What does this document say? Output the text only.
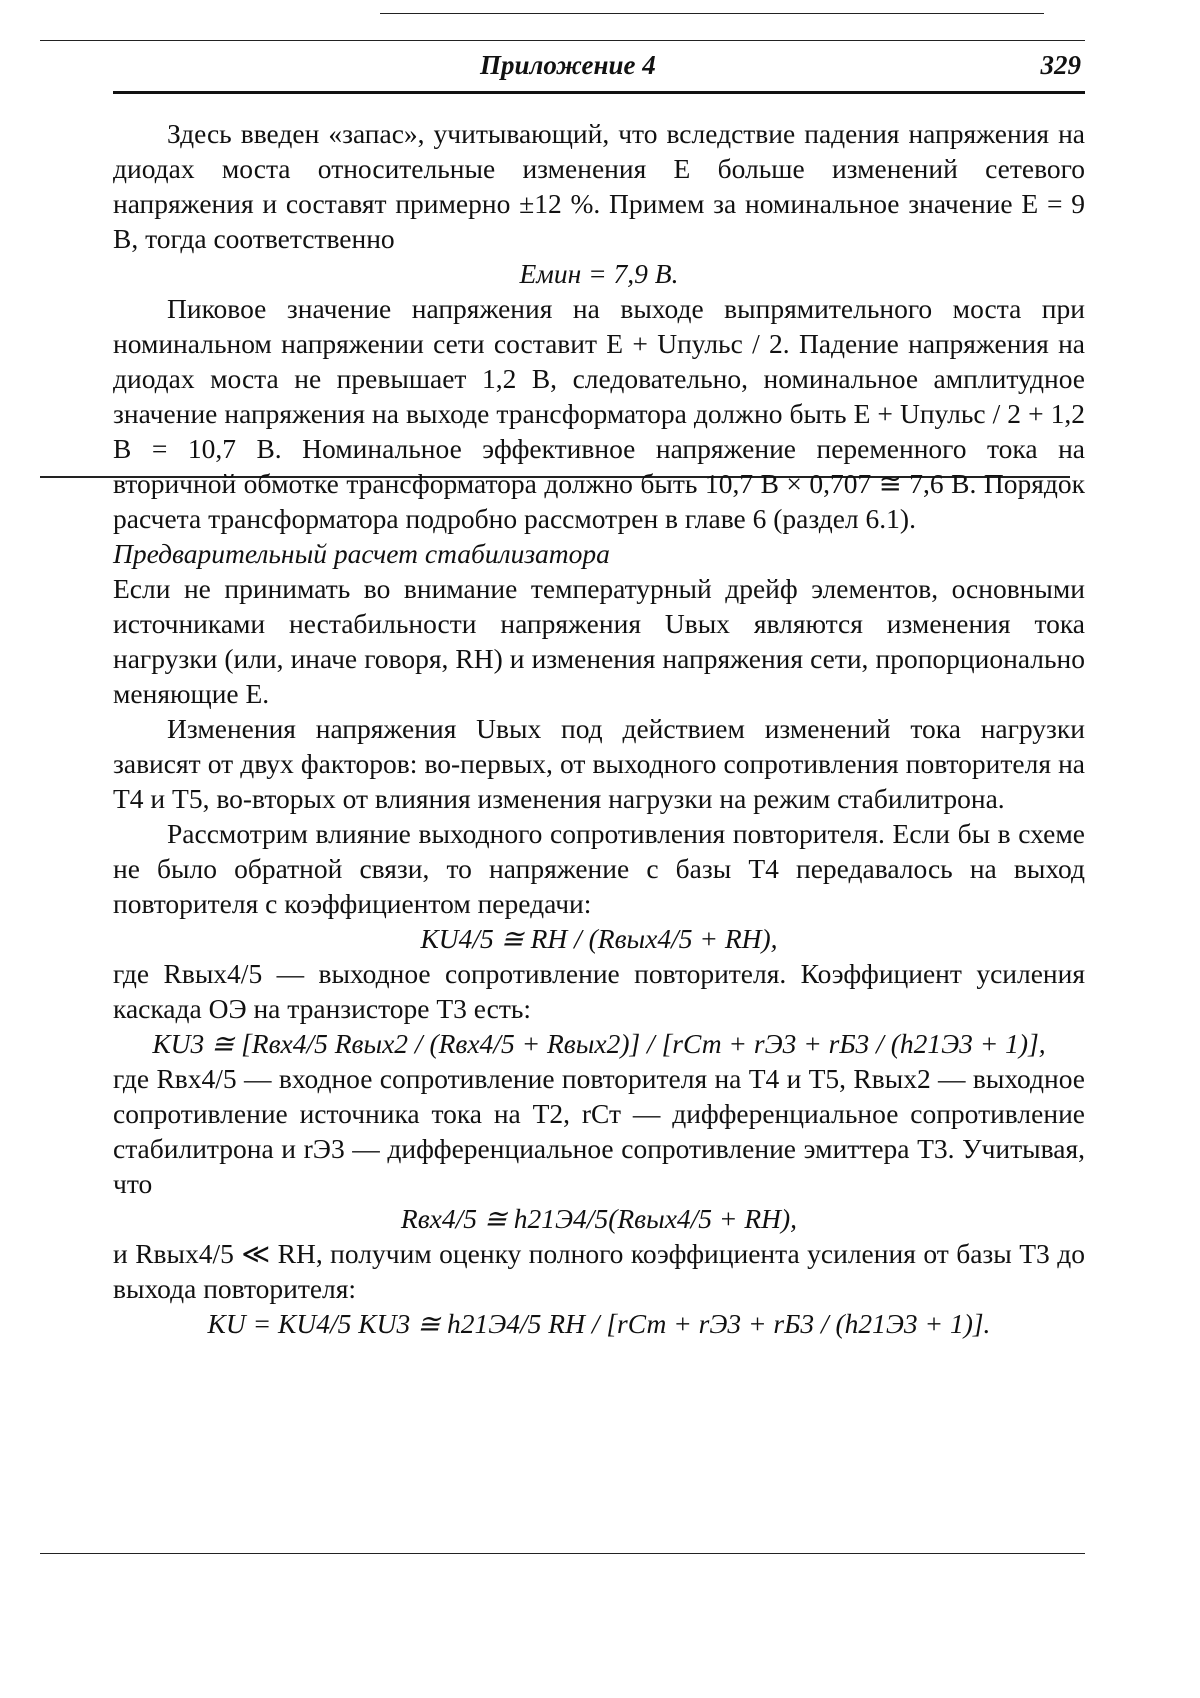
Приложение 4	329

Здесь введен «запас», учитывающий, что вследствие падения напряжения на диодах моста относительные изменения E больше изменений сетевого напряжения и составят примерно ±12 %. Примем за номинальное значение E = 9 В, тогда соответственно

Eмин = 7,9 В.

Пиковое значение напряжения на выходе выпрямительного моста при номинальном напряжении сети составит E + Uпульс / 2. Падение напряжения на диодах моста не превышает 1,2 В, следовательно, номинальное амплитудное значение напряжения на выходе трансформатора должно быть E + Uпульс / 2 + 1,2 В = 10,7 В. Номинальное эффективное напряжение переменного тока на вторичной обмотке трансформатора должно быть 10,7 В × 0,707 ≅ 7,6 В. Порядок расчета трансформатора подробно рассмотрен в главе 6 (раздел 6.1).

Предварительный расчет стабилизатора

Если не принимать во внимание температурный дрейф элементов, основными источниками нестабильности напряжения Uвых являются изменения тока нагрузки (или, иначе говоря, RН) и изменения напряжения сети, пропорционально меняющие E.

Изменения напряжения Uвых под действием изменений тока нагрузки зависят от двух факторов: во-первых, от выходного сопротивления повторителя на T4 и T5, во-вторых от влияния изменения нагрузки на режим стабилитрона.

Рассмотрим влияние выходного сопротивления повторителя. Если бы в схеме не было обратной связи, то напряжение с базы T4 передавалось на выход повторителя с коэффициентом передачи:

KU4/5 ≅ RН / (Rвых4/5 + RН),

где Rвых4/5 — выходное сопротивление повторителя. Коэффициент усиления каскада ОЭ на транзисторе T3 есть:

KU3 ≅ [Rвх4/5 Rвых2 / (Rвх4/5 + Rвых2)] / [rСт + rЭ3 + rБ3 / (h21Э3 + 1)],

где Rвх4/5 — входное сопротивление повторителя на T4 и T5, Rвых2 — выходное сопротивление источника тока на T2, rСт — дифференциальное сопротивление стабилитрона и rЭ3 — дифференциальное сопротивление эмиттера T3. Учитывая, что

Rвх4/5 ≅ h21Э4/5(Rвых4/5 + RН),

и Rвых4/5 ≪ RН, получим оценку полного коэффициента усиления от базы T3 до выхода повторителя:

KU = KU4/5 KU3 ≅ h21Э4/5 RН / [rСт + rЭ3 + rБ3 / (h21Э3 + 1)].
